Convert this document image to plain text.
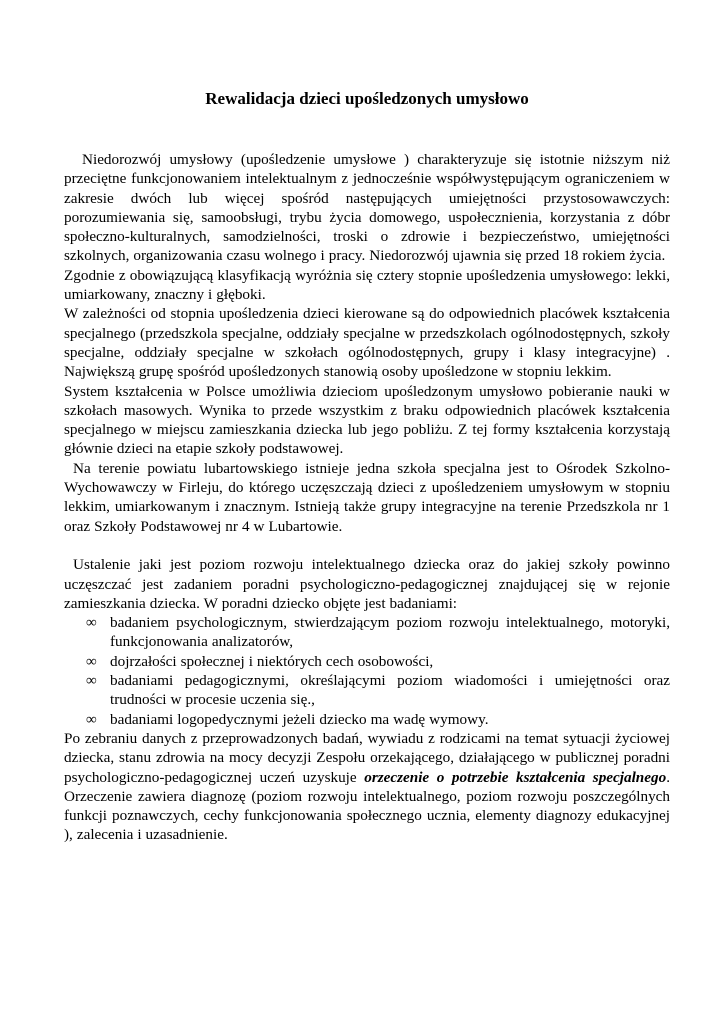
Rewalidacja dzieci upośledzonych umysłowo

Niedorozwój umysłowy (upośledzenie umysłowe ) charakteryzuje się istotnie niższym niż przeciętne funkcjonowaniem intelektualnym z jednocześnie współwystępującym ograniczeniem w zakresie dwóch lub więcej spośród następujących umiejętności przystosowawczych: porozumiewania się, samoobsługi, trybu życia domowego, uspołecznienia, korzystania z dóbr społeczno-kulturalnych, samodzielności, troski o zdrowie i bezpieczeństwo, umiejętności szkolnych, organizowania czasu wolnego i pracy. Niedorozwój ujawnia się przed 18 rokiem życia.

Zgodnie z obowiązującą klasyfikacją wyróżnia się cztery stopnie upośledzenia umysłowego: lekki, umiarkowany, znaczny i głęboki.

W zależności od stopnia upośledzenia dzieci kierowane są do odpowiednich placówek kształcenia specjalnego (przedszkola specjalne, oddziały specjalne w przedszkolach ogólnodostępnych, szkoły specjalne, oddziały specjalne w szkołach ogólnodostępnych, grupy i klasy integracyjne) . Największą grupę spośród upośledzonych stanowią osoby upośledzone w stopniu lekkim.

System kształcenia w Polsce umożliwia dzieciom upośledzonym umysłowo pobieranie nauki w szkołach masowych. Wynika to przede wszystkim z braku odpowiednich placówek kształcenia specjalnego w miejscu zamieszkania dziecka lub jego pobliżu. Z tej formy kształcenia korzystają głównie dzieci na etapie szkoły podstawowej.

Na terenie powiatu lubartowskiego istnieje jedna szkoła specjalna jest to Ośrodek Szkolno- Wychowawczy w Firleju, do którego uczęszczają dzieci z upośledzeniem umysłowym w stopniu lekkim, umiarkowanym i znacznym. Istnieją także grupy integracyjne na terenie Przedszkola nr 1 oraz Szkoły Podstawowej nr 4 w Lubartowie.

Ustalenie jaki jest poziom rozwoju intelektualnego dziecka oraz do jakiej szkoły powinno uczęszczać jest zadaniem poradni psychologiczno-pedagogicznej znajdującej się w rejonie zamieszkania dziecka. W poradni dziecko objęte jest badaniami:

∞ badaniem psychologicznym, stwierdzającym poziom rozwoju intelektualnego, motoryki, funkcjonowania analizatorów,
∞ dojrzałości społecznej i niektórych cech osobowości,
∞ badaniami pedagogicznymi, określającymi poziom wiadomości i umiejętności oraz trudności w procesie uczenia się.,
∞ badaniami logopedycznymi jeżeli dziecko ma wadę wymowy.

Po zebraniu danych z przeprowadzonych badań, wywiadu z rodzicami na temat sytuacji życiowej dziecka, stanu zdrowia na mocy decyzji Zespołu orzekającego, działającego w publicznej poradni psychologiczno-pedagogicznej uczeń uzyskuje orzeczenie o potrzebie kształcenia specjalnego. Orzeczenie zawiera diagnozę (poziom rozwoju intelektualnego, poziom rozwoju poszczególnych funkcji poznawczych, cechy funkcjonowania społecznego ucznia, elementy diagnozy edukacyjnej ), zalecenia i uzasadnienie.
